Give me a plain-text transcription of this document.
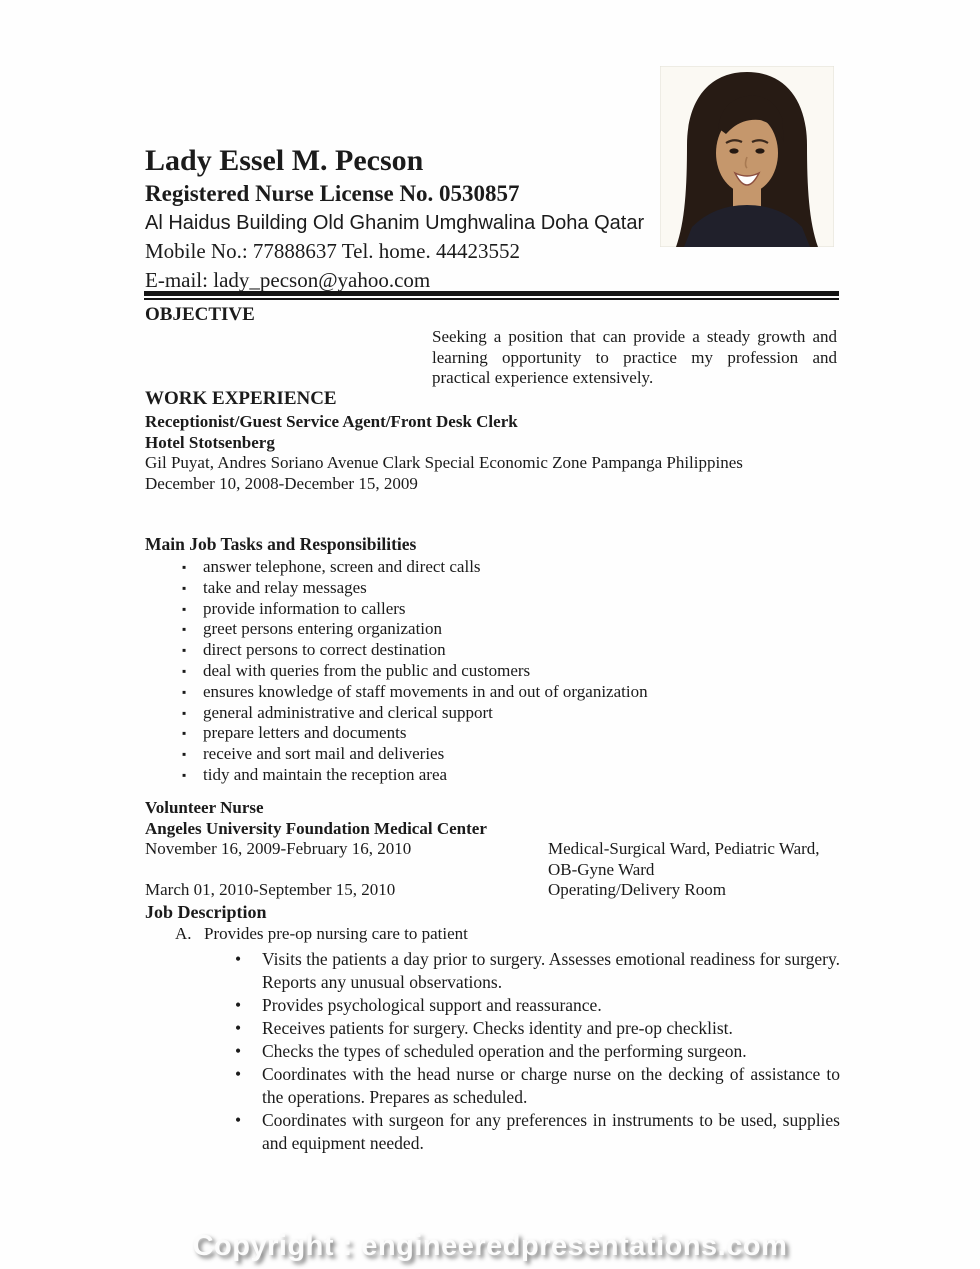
Lady Essel M. Pecson
Registered Nurse License No. 0530857
Al Haidus Building Old Ghanim Umghwalina Doha Qatar
Mobile No.: 77888637 Tel. home. 44423552
E-mail: lady_pecson@yahoo.com
OBJECTIVE
Seeking a position that can provide a steady growth and learning opportunity to practice my profession and practical experience extensively.
WORK EXPERIENCE
Receptionist/Guest Service Agent/Front Desk Clerk
Hotel Stotsenberg
Gil Puyat, Andres Soriano Avenue Clark Special Economic Zone Pampanga Philippines
December 10, 2008-December 15, 2009
Main Job Tasks and Responsibilities
▪ answer telephone, screen and direct calls
▪ take and relay messages
▪ provide information to callers
▪ greet persons entering organization
▪ direct persons to correct destination
▪ deal with queries from the public and customers
▪ ensures knowledge of staff movements in and out of organization
▪ general administrative and clerical support
▪ prepare letters and documents
▪ receive and sort mail and deliveries
▪ tidy and maintain the reception area
Volunteer Nurse
Angeles University Foundation Medical Center
November 16, 2009-February 16, 2010	Medical-Surgical Ward, Pediatric Ward, OB-Gyne Ward
March 01, 2010-September 15, 2010	Operating/Delivery Room
Job Description
A. Provides pre-op nursing care to patient
•	Visits the patients a day prior to surgery. Assesses emotional readiness for surgery. Reports any unusual observations.
•	Provides psychological support and reassurance.
•	Receives patients for surgery. Checks identity and pre-op checklist.
•	Checks the types of scheduled operation and the performing surgeon.
•	Coordinates with the head nurse or charge nurse on the decking of assistance to the operations. Prepares as scheduled.
•	Coordinates with surgeon for any preferences in instruments to be used, supplies and equipment needed.
Copyright : engineeredpresentations.com
